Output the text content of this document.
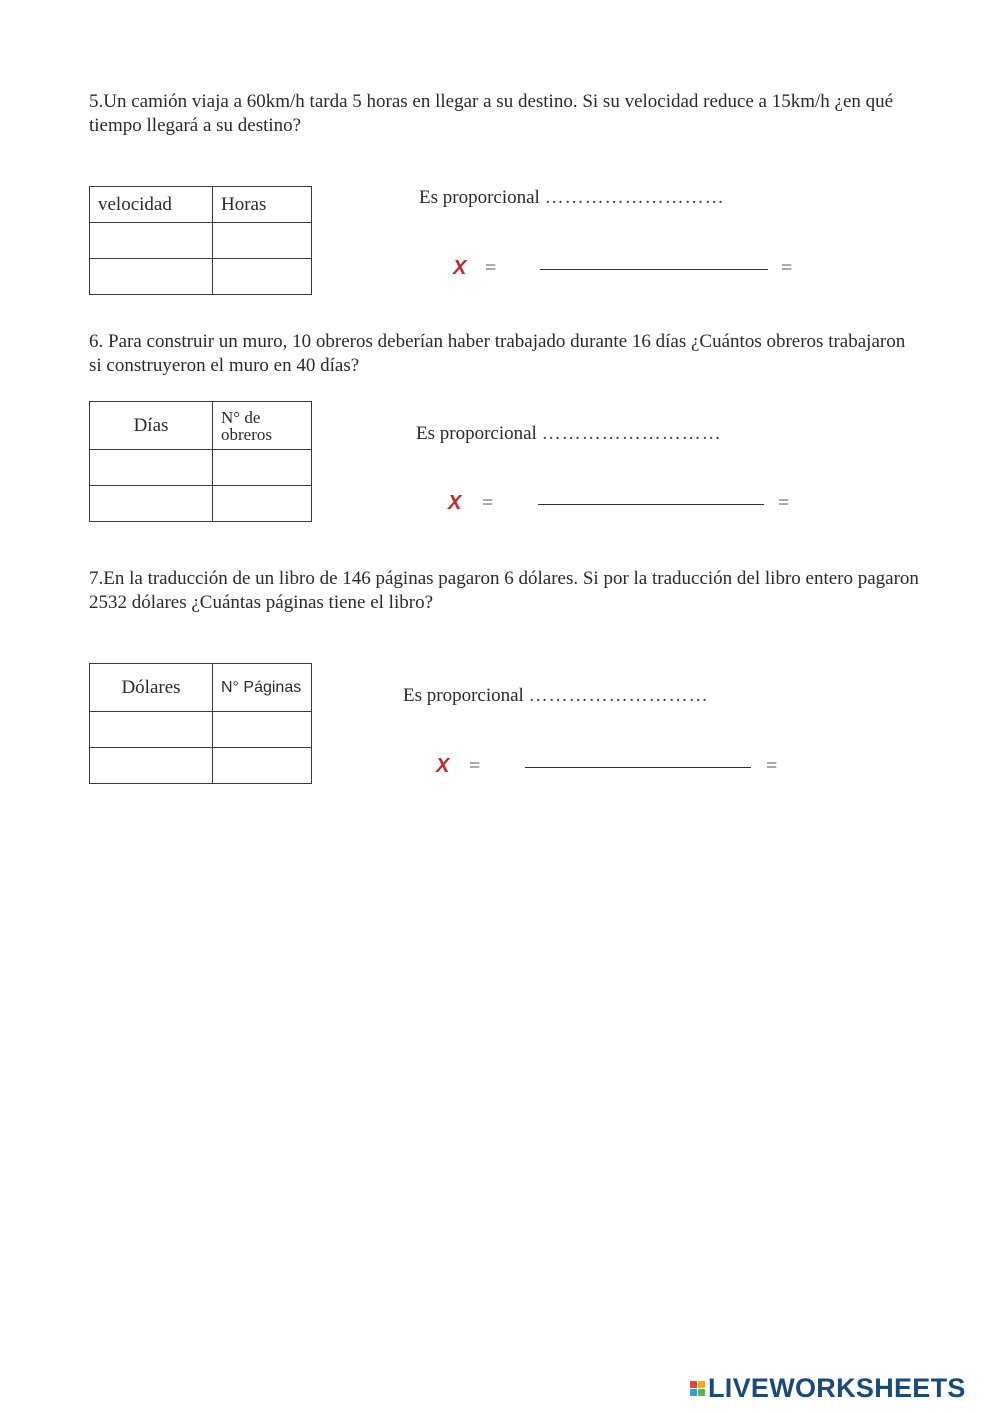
5.Un camión viaja a 60km/h tarda 5 horas en llegar a su destino. Si su velocidad reduce a 15km/h ¿en qué tiempo llegará a su destino?

velocidad	Horas

		Es proporcional ………………………
X =	=

6. Para construir un muro, 10 obreros deberían haber trabajado durante 16 días ¿Cuántos obreros trabajaron si construyeron el muro en 40 días?

Días	N° de obreros

		Es proporcional ………………………
X =	=

7.En la traducción de un libro de 146 páginas pagaron 6 dólares. Si por la traducción del libro entero pagaron 2532 dólares ¿Cuántas páginas tiene el libro?

Dólares	N° Páginas

		Es proporcional ………………………
X =	=
LIVEWORKSHEETS
